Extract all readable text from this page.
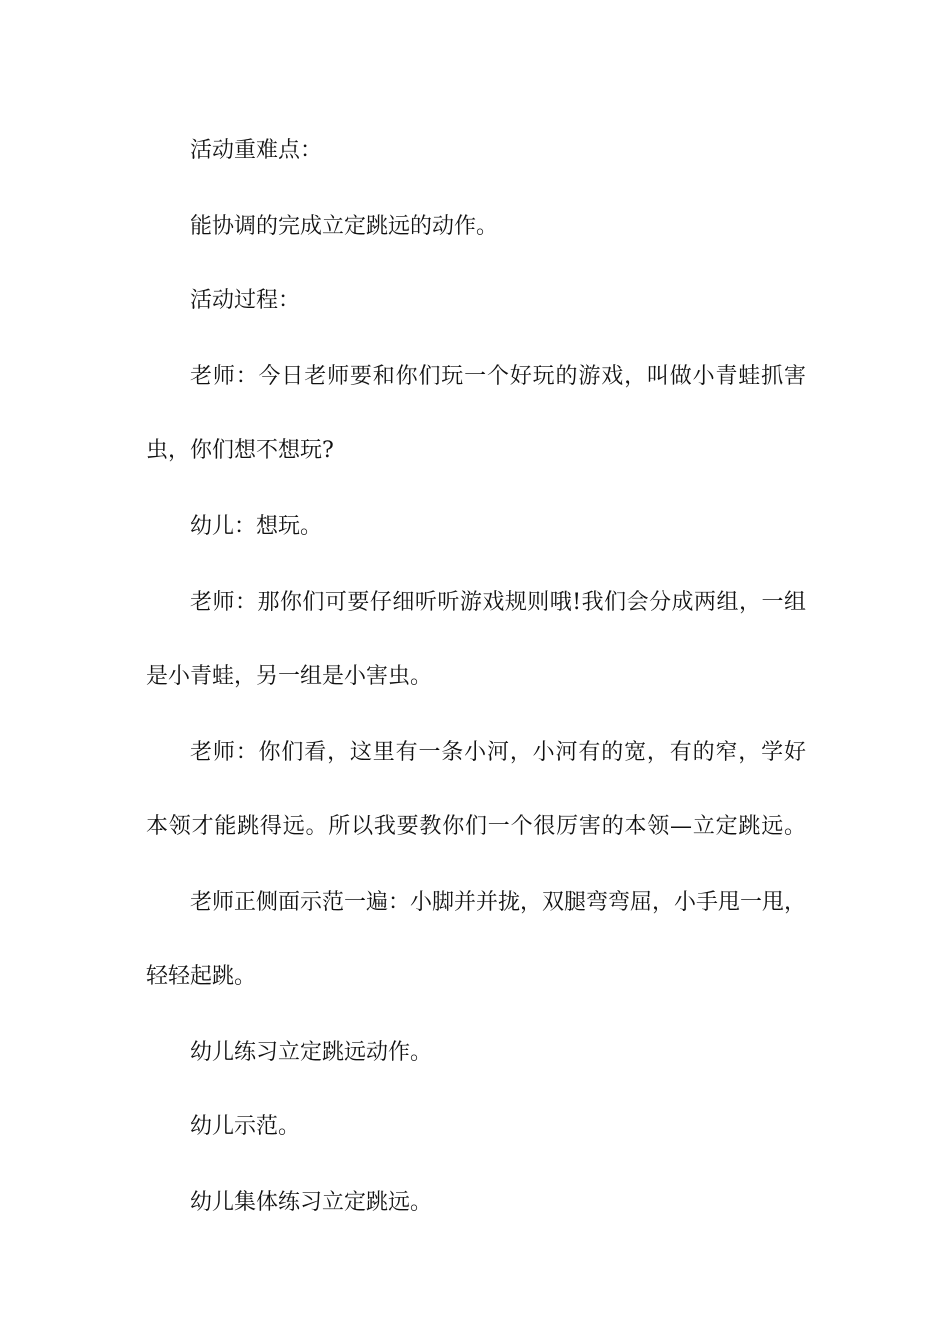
活动重难点：

能协调的完成立定跳远的动作。

活动过程：

老师：今日老师要和你们玩一个好玩的游戏，叫做小青蛙抓害

虫，你们想不想玩?

幼儿：想玩。

老师：那你们可要仔细听听游戏规则哦!我们会分成两组，一组

是小青蛙，另一组是小害虫。

老师：你们看，这里有一条小河，小河有的宽，有的窄，学好

本领才能跳得远。所以我要教你们一个很厉害的本领—立定跳远。

老师正侧面示范一遍：小脚并并拢，双腿弯弯屈，小手甩一甩，

轻轻起跳。

幼儿练习立定跳远动作。

幼儿示范。

幼儿集体练习立定跳远。
